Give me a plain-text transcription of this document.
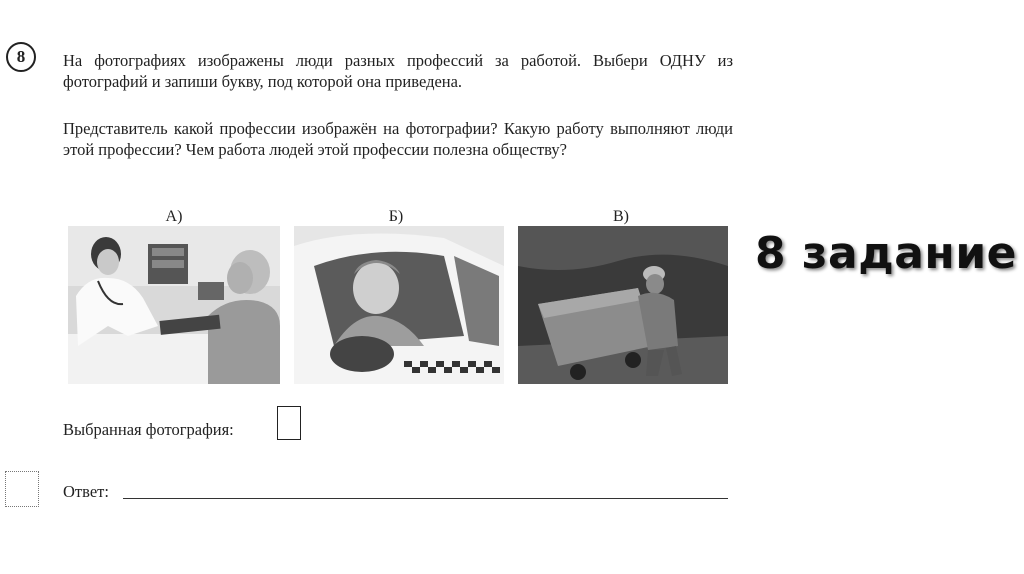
8	На фотографиях изображены люди разных профессий за работой. Выбери ОДНУ из фотографий и запиши букву, под которой она приведена.

Представитель какой профессии изображён на фотографии? Какую работу выполняют люди этой профессии? Чем работа людей этой профессии полезна обществу?

А)	Б)	В)
Выбранная фотография:
Ответ:
8 задание
